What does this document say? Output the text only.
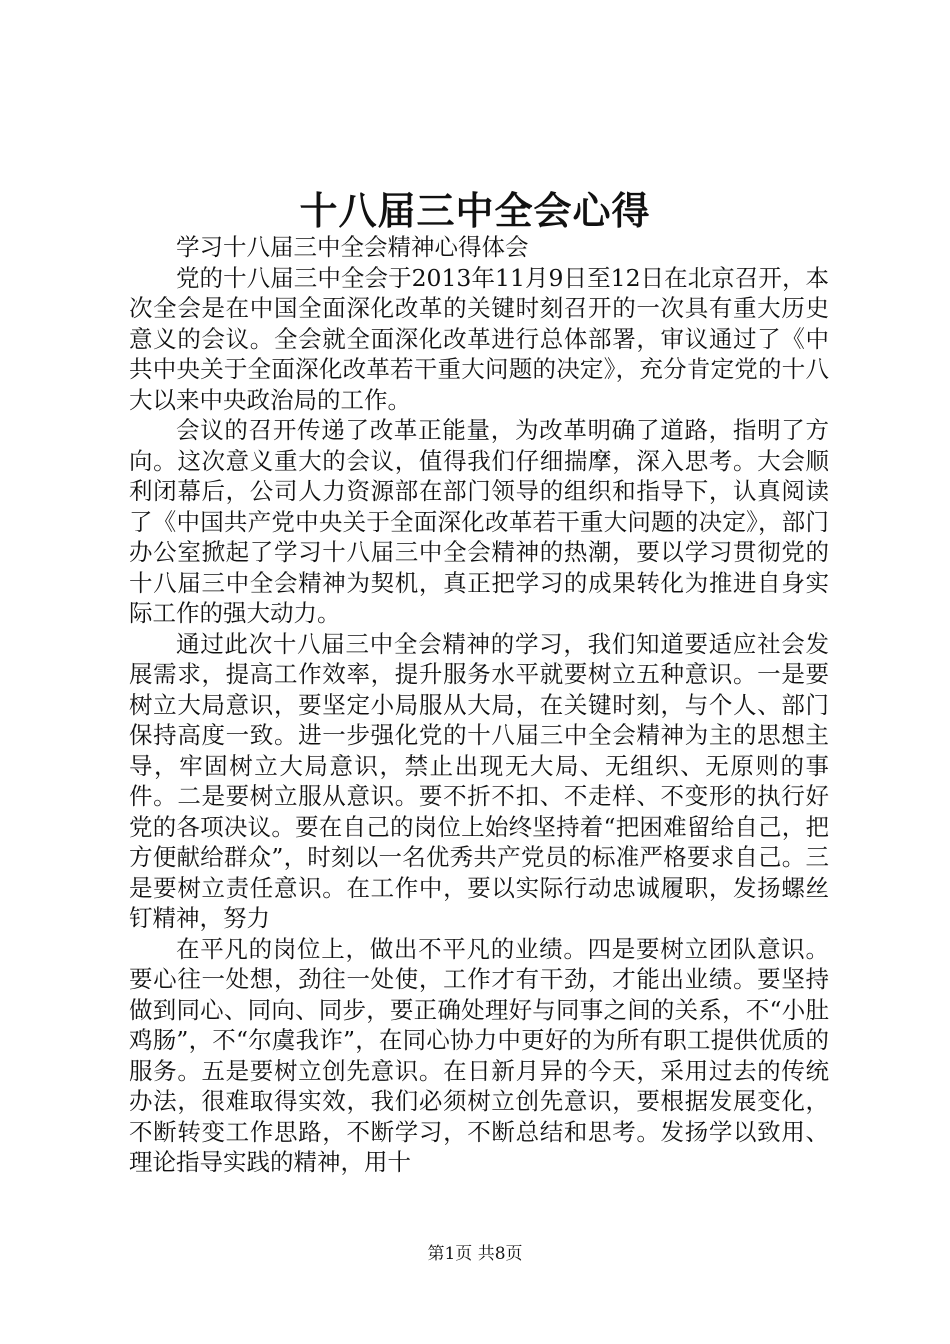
十八届三中全会心得

学习十八届三中全会精神心得体会

党的十八届三中全会于2013年11月9日至12日在北京召开，本次全会是在中国全面深化改革的关键时刻召开的一次具有重大历史意义的会议。全会就全面深化改革进行总体部署，审议通过了《中共中央关于全面深化改革若干重大问题的决定》，充分肯定党的十八大以来中央政治局的工作。

会议的召开传递了改革正能量，为改革明确了道路，指明了方向。这次意义重大的会议，值得我们仔细揣摩，深入思考。大会顺利闭幕后，公司人力资源部在部门领导的组织和指导下，认真阅读了《中国共产党中央关于全面深化改革若干重大问题的决定》，部门办公室掀起了学习十八届三中全会精神的热潮，要以学习贯彻党的十八届三中全会精神为契机，真正把学习的成果转化为推进自身实际工作的强大动力。

通过此次十八届三中全会精神的学习，我们知道要适应社会发展需求，提高工作效率，提升服务水平就要树立五种意识。一是要树立大局意识，要坚定小局服从大局，在关键时刻，与个人、部门保持高度一致。进一步强化党的十八届三中全会精神为主的思想主导，牢固树立大局意识，禁止出现无大局、无组织、无原则的事件。二是要树立服从意识。要不折不扣、不走样、不变形的执行好党的各项决议。要在自己的岗位上始终坚持着“把困难留给自己，把方便献给群众”，时刻以一名优秀共产党员的标准严格要求自己。三是要树立责任意识。在工作中，要以实际行动忠诚履职，发扬螺丝钉精神，努力

在平凡的岗位上，做出不平凡的业绩。四是要树立团队意识。要心往一处想，劲往一处使，工作才有干劲，才能出业绩。要坚持做到同心、同向、同步，要正确处理好与同事之间的关系，不“小肚鸡肠”，不“尔虞我诈”，在同心协力中更好的为所有职工提供优质的服务。五是要树立创先意识。在日新月异的今天，采用过去的传统办法，很难取得实效，我们必须树立创先意识，要根据发展变化，不断转变工作思路，不断学习，不断总结和思考。发扬学以致用、理论指导实践的精神，用十

第1页 共8页
